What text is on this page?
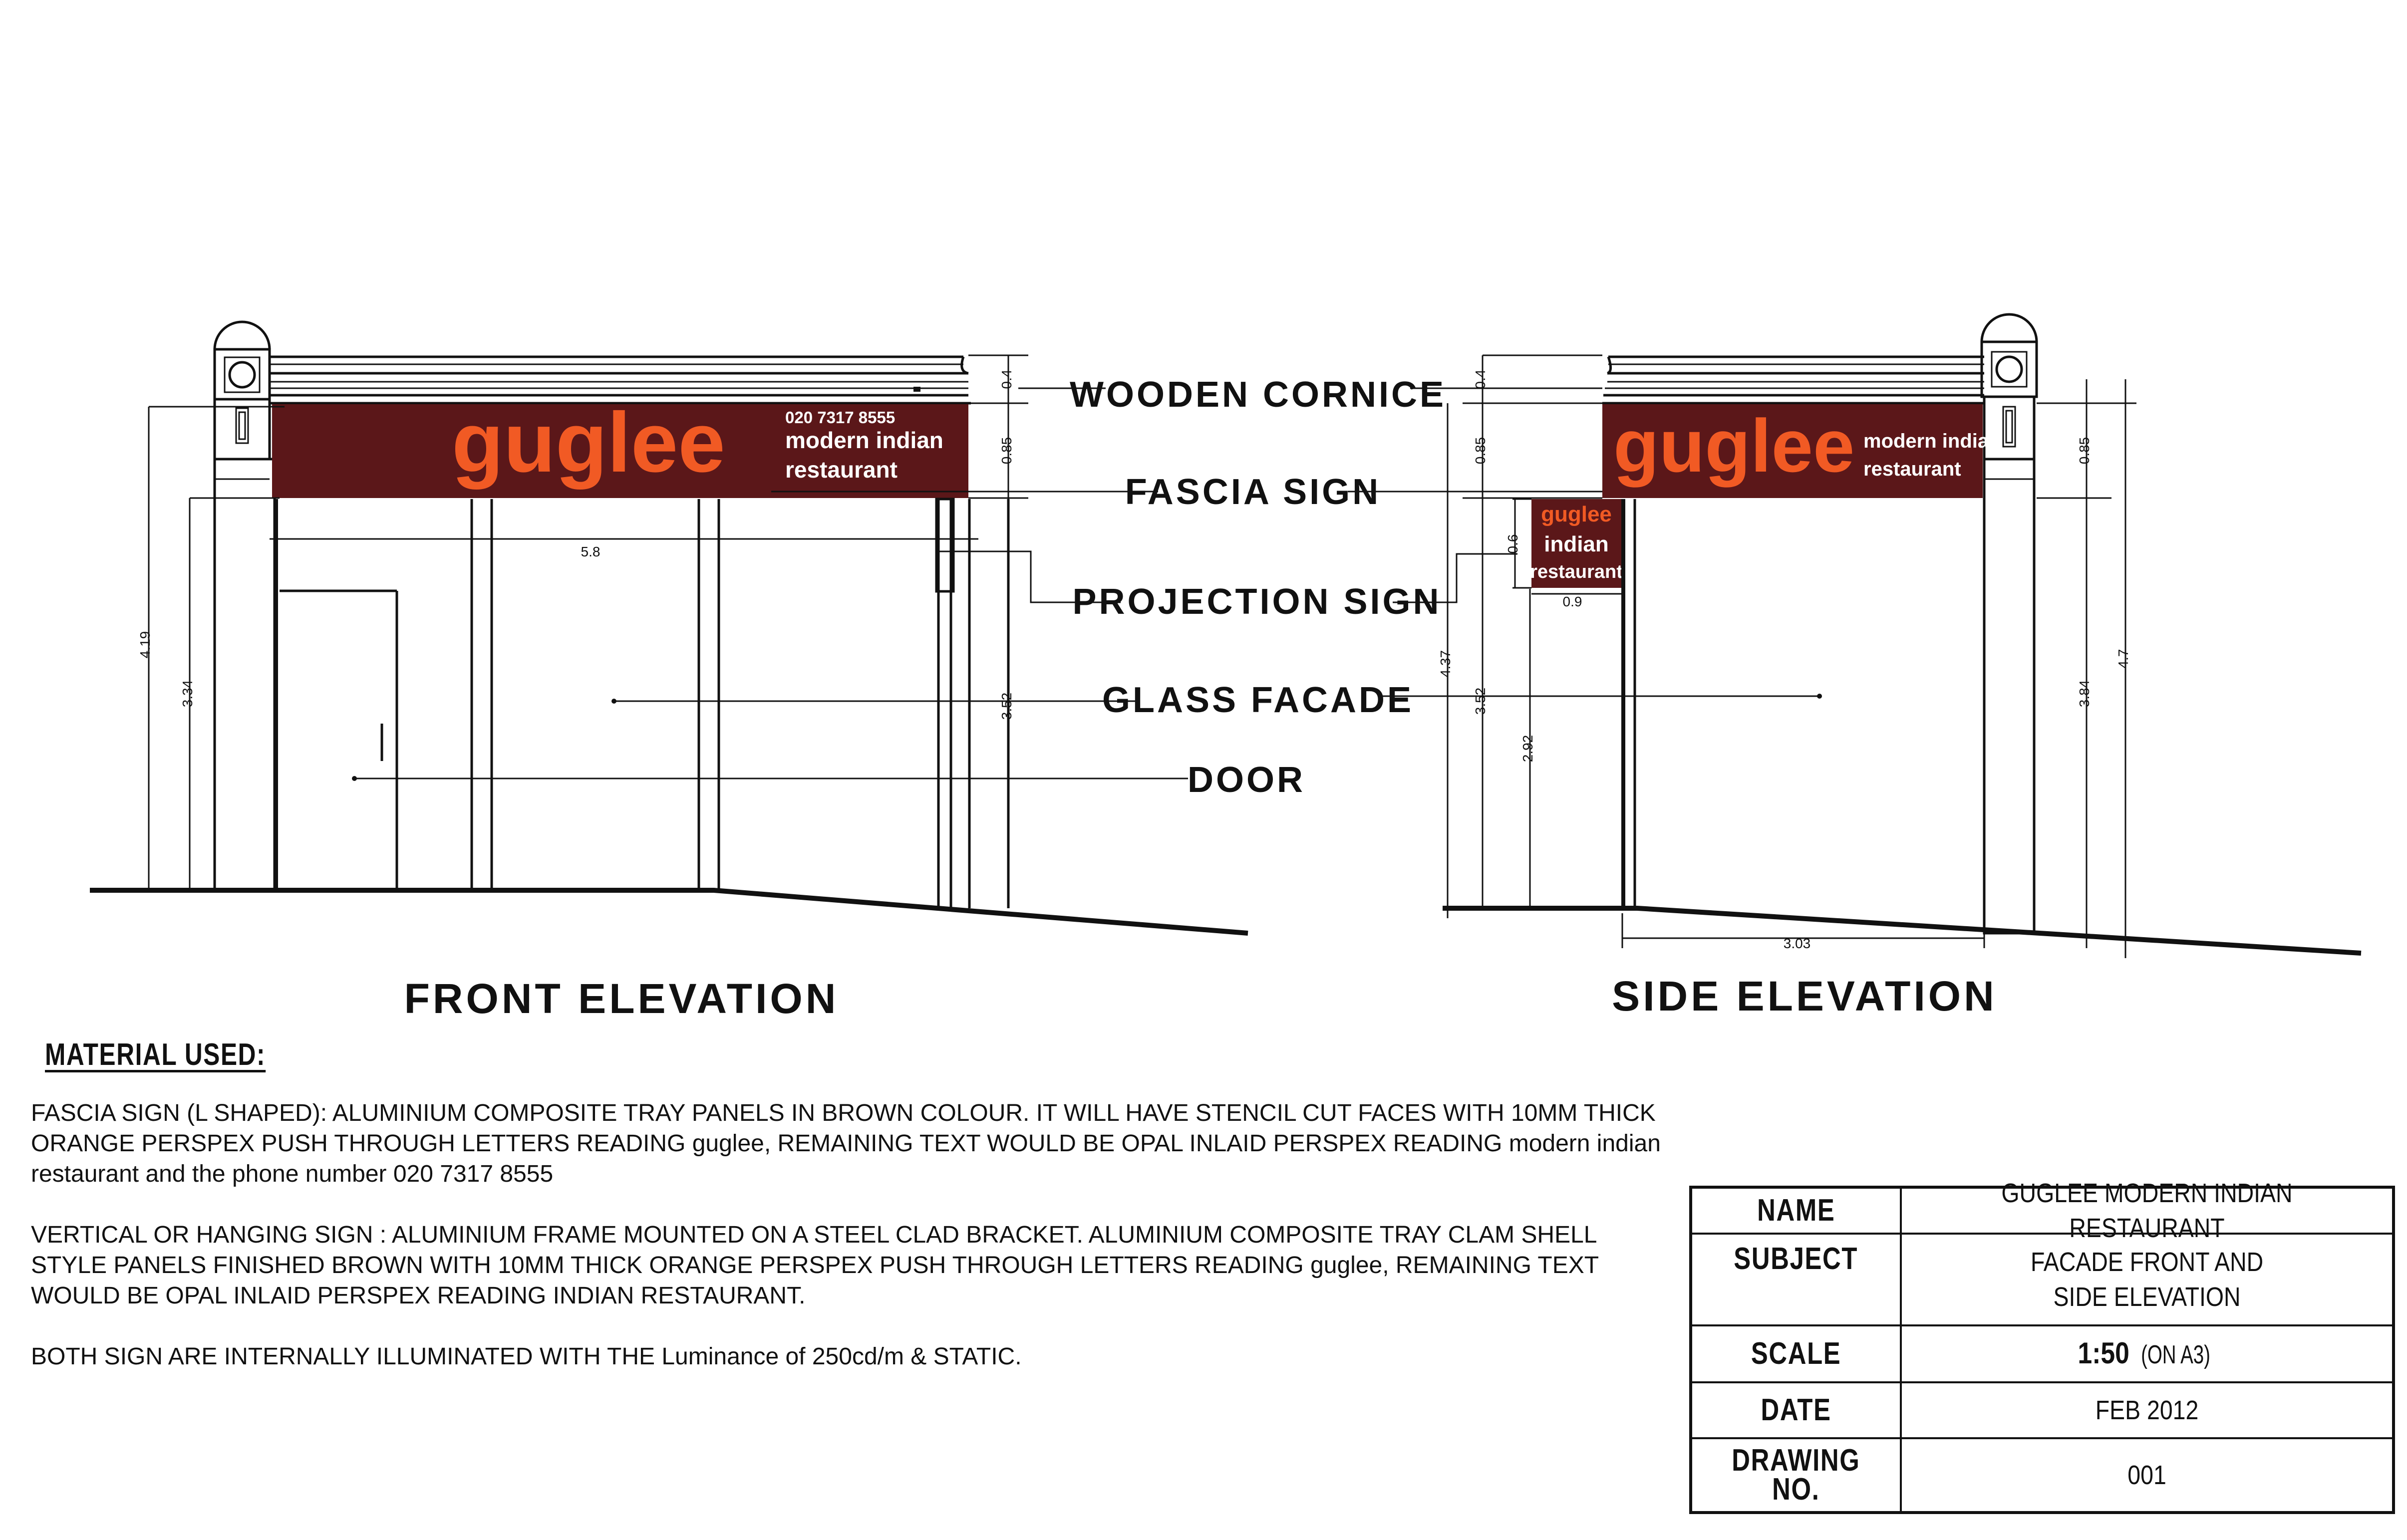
guglee	020 7317 8555
modern indian
restaurant
4.19
3.34
5.8
0.4
0.85
3.52
FRONT ELEVATION
WOODEN CORNICE
FASCIA SIGN
PROJECTION SIGN
GLASS FACADE
DOOR
guglee modern indian
restaurant
guglee
indian
restaurant
0.4
0.85
3.52
4.37
0.6
0.9
2.92
3.03
0.85
3.84
4.7
SIDE ELEVATION
MATERIAL USED:

FASCIA SIGN (L SHAPED): ALUMINIUM COMPOSITE TRAY PANELS IN BROWN COLOUR. IT WILL HAVE STENCIL CUT FACES WITH 10MM THICK ORANGE PERSPEX PUSH THROUGH LETTERS READING guglee, REMAINING TEXT WOULD BE OPAL INLAID PERSPEX READING modern indian restaurant and the phone number 020 7317 8555

VERTICAL OR HANGING SIGN : ALUMINIUM FRAME MOUNTED ON A STEEL CLAD BRACKET. ALUMINIUM COMPOSITE TRAY CLAM SHELL STYLE PANELS FINISHED BROWN WITH 10MM THICK ORANGE PERSPEX PUSH THROUGH LETTERS READING guglee, REMAINING TEXT WOULD BE OPAL INLAID PERSPEX READING INDIAN RESTAURANT.

BOTH SIGN ARE INTERNALLY ILLUMINATED WITH THE Luminance of 250cd/m & STATIC.

NAME	GUGLEE MODERN INDIAN RESTAURANT
SUBJECT	FACADE FRONT AND
SIDE ELEVATION
SCALE	1:50 (ON A3)
DATE	FEB 2012
DRAWING
NO.	001
